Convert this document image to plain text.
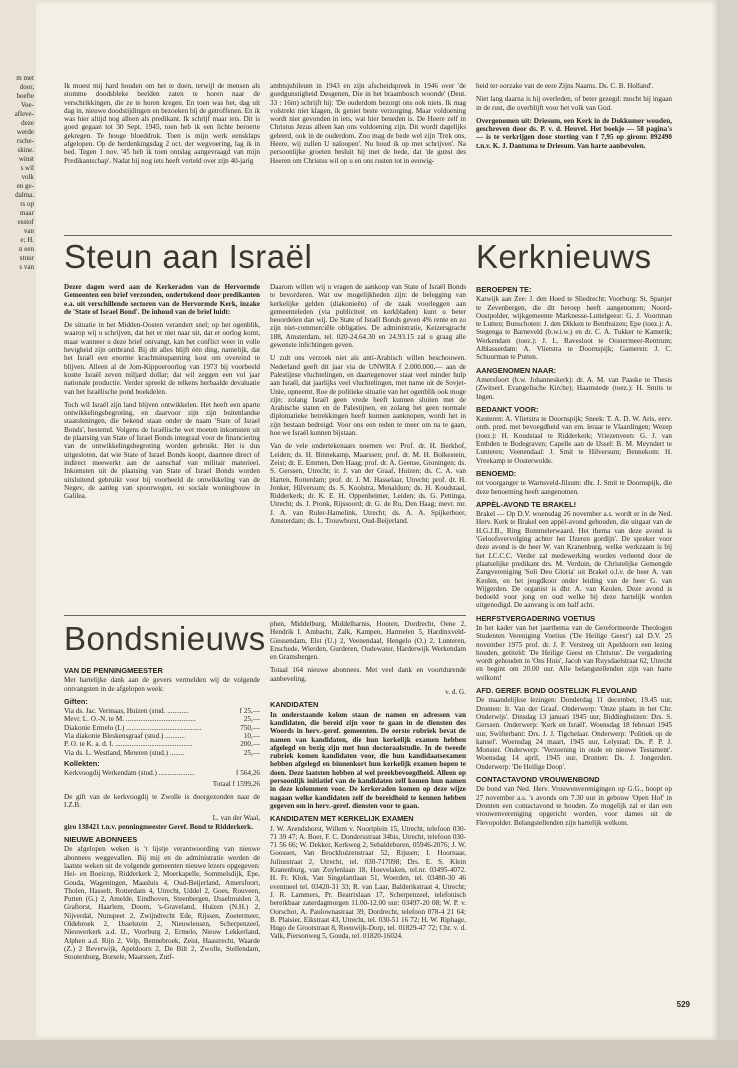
m met
door,
hoefte
Voe-
afleve-
deze
werde
rsche-
skine.
winst
s wil
volk
en ge-
dalma.
rs op
maar
esstof
van
e; H.
n een
xtuur
s van

Ik moest mij hard houden om het te doen, terwijl de mensen als stomme doodsbleke beelden zaten te horen naar de verschrikkingen, die ze te horen kregen. En toen was het, dag uit dag in, nieuwe doodstijdingen en bezoeken bij de getroffenen. En ik was hier altijd nog alleen als predikant. Ik schrijf maar iets. Dit is goed gegaan tot 30 Sept. 1945, toen heb ik een lichte beroerte gekregen. Te hooge bloeddruk. Toen is mijn werk eensklaps afgelopen. Op de herdenkingsdag 2 oct. der wegvoering, lag ik in bed. Tegen 1 nov. '45 heb ik toen ontslag aangevraagd van mijn Predikantschap'. Nadat hij nog iets heeft verteld over zijn 40-jarig

ambtsjubileum in 1943 en zijn afscheidspreek in 1946 over 'de goedgunstigheid Desgenen, Die in het braambosch woonde' (Deut. 33 : 16m) schrijft hij: 'De ouderdom bezorgt ons ook niets. Ik mag volstrekt niet klagen, ik geniet beste verzorging. Maar voldoening wordt niet gevonden in iets, wat hier beneden is. De Heere zelf in Christus Jezus alleen kan ons voldoening zijn. Dit wordt dagelijks geleerd, ook in de ouderdom. Zoo mag de bede wel zijn 'Trek ons, Heere, wij zullen U naloopen'. Nu houd ik op met schrijven'. Na persoonlijke groeten besluit hij met de bede, dat 'de gunst des Heeren om Christus wil op u en ons rusten tot in eeuwig-

heid ter oorzake van de eere Zijns Naams. Ds. C. B. Holland'.

Niet lang daarna is hij overleden, of beter gezegd: mocht hij ingaan in de rust, die overblijft voor het volk van God.

Overgenomen uit: Driesum, een Kerk in de Dokkumer wouden, geschreven door ds. P. v. d. Heuvel. Het boekje — 58 pagina's — is te verkrijgen door storting van f 7,95 op gironr. 892490 t.n.v. K. J. Dantuma te Driesum. Van harte aanbevolen.

Steun aan Israël

Dezer dagen werd aan de Kerkeraden van de Hervormde Gemeenten een brief verzonden, ondertekend door predikanten e.a. uit verschillende sectoren van de Hervormde Kerk, inzake de 'State of Israel Bond'. De inhoud van de brief luidt:

De situatie in het Midden-Oosten verandert snel; op het ogenblik, waarop wij u schrijven, dat het er niet naar uit, dat er oorlog komt, maar wanneer u deze brief ontvangt, kan het conflict weer in volle hevigheid zijn ontbrand. Bij dit alles blijft één ding, namelijk, dat het Israël een enorme krachtsinspanning kost om overeind te blijven. Alleen al de Jom-Kippoeroorlog van 1973 bij voorbeeld kostte Israël zeven miljard dollar; dat wil zeggen een vol jaar nationale productie. Verder spreekt de telkens herhaalde devaluatie van het Israëlische pond boekdelen.

Toch wil Israël zijn land blijven ontwikkelen. Het heeft een aparte ontwikkelingsbegroting, en daarvoor zijn zijn buitenlandse staatsleningen, die bekend staan onder de naam 'State of Israel Bonds', bestemd. Volgens de Israëlische wet moeten inkomsten uit de plaatsing van State of Israel Bonds integraal voor de financiering van de ontwikkelingsbegroting worden gebruikt. Het is dus uitgesloten, dat wie State of Israel Bonds koopt, daarmee direct of indirect meewerkt aan de aanschaf van militair materieel. Inkomsten uit de plaatsing van State of Israel Bonds worden uitsluitend gebruikt voor bij voorbeeld de ontwikkeling van de Negev, de aanleg van spoorwegen, en sociale woningbouw in Galilea.

Daarom willen wij u vragen de aankoop van State of Israël Bonds te bevorderen. Wat uw mogelijkheden zijn: de belegging van kerkelijke gelden (diakonieën) of de zaak voorleggen aan gemeenteleden (via publiciteit en kerkbladen) kunt u beter beoordelen dan wij. De State of Israël Bonds geven 4% rente en zo zijn niet-commerciële obligaties. De administratie, Keizersgracht 188, Amsterdam, tel. 020-24.64.30 en 24.93.15 zal u graag alle gewenste inlichtingen geven.

U zult ons verzoek niet als anti-Arabisch willen beschouwen. Nederland geeft dit jaar via de UNWRA f 2.000.000,— aan de Palestijnse vluchtelingen, en daartegenover staat veel minder hulp aan Israël, dat jaarlijks veel vluchtelingen, met name uit de Sovjet-Unie, opneemt. Roe de politieke situatie van het ogenblik ook moge zijn: zolang Israël geen vrede heeft kunnen sluiten met de Arabische staten en de Palestijnen, en zolang het geen normale diplomatieke betrekkingen heeft kunnen aanknopen, wordt het in zijn bestaan bedreigd. Voor ons een reden te meer om na te gaan, hoe we Israël kunnen bijstaan.

Van de vele ondertekenaars noemen we: Prof. dr. H. Berkhof, Leiden; ds. H. Binnekamp, Maarssen; prof. dr. M. H. Bolkestein, Zeist; dr. E. Emmen, Den Haag; prof. dr. A. Geense, Groningen; ds. S. Gerssen, Utrecht; ir. J. van der Graaf, Huizen; ds. C. A. van Harten, Rotterdam; prof. dr. J. M. Hasselaar, Utrecht; prof. dr. H. Jonker, Hilversum; ds. S. Koolstra, Menaldum; ds. H. Koudstaal, Ridderkerk; dr. K. E. H. Oppenheimer, Leiden; ds. G. Pettinga, Utrecht; ds. J. Pronk, Rijssoord; dr. G. de Ru, Den Haag; mevr. mr. J. A. van Ruler-Hamelink, Utrecht; ds. A. A. Spijkerboer, Amsterdam; ds. L. Trouwborst, Oud-Beijerland.

Bondsnieuws phen, Middelburg, Middelharnis, Houten, Dordrecht, Oene 2, Hendrik I. Ambacht, Zalk, Kampen, Harmelen 5, Hardinxveld-Giessendam, Elst (U.) 2, Veenendaal, Hengelo (O.) 2, Lunteren, Enschede, Wierden, Gurderen, Oudewater, Harderwijk Werkendam en Gramsbergen.

Totaal 164 nieuwe abonnees. Met veel dank en voortdurende aanbeveling.

v. d. G.

KANDIDATEN

In onderstaande kolom staan de namen en adressen van kandidaten, die bereid zijn voor te gaan in de diensten des Woords in herv.-geref. gemeenten. De eerste rubriek bevat de namen van kandidaten, die hun kerkelijk examen hebben afgelegd en bezig zijn met hun doctoraalstudie. In de tweede rubriek komen kandidaten voor, die hun kandidaatsexamen hebben afgelegd en binnenkort hun kerkelijk examen hopen te doen. Deze laatsten hebben al wel preekbevoegdheid. Alleen op persoonlijk initiatief van de kandidaten zelf komen hun namen in deze kolommen voor. De kerkeraden komen op deze wijze nagaan welke kandidaten zelf de bereidheid te kennen hebben gegeven om in herv.-geref. diensten voor te gaan.

KANDIDATEN MET KERKELIJK EXAMEN

J. W. Arendshorst, Willem v. Noortplein 15, Utrecht, telefoon 030-71 39 47; A. Boer, F. C. Dondersstraat 34bis, Utrecht, telefoon 030-71 56 66; W. Dekker, Kerkweg 2, Sebaldeburen, 05946-2076; J. W. Goossen, Van Brockhuizenstraat 52, Rijssen; I. Hoornaar, Juliusstraat 2, Utrecht, tel. 030-717098; Drs. E. S. Klein Kranenburg, van Zuylenlaan 18, Hoevelaken, tel.nr. 03495-4072. H. Fr. Klok, Van Singelantlaan 51, Woerden, tel. 03480-30 46 eventueel tel. 03420-31 33; R. van Laar, Balderikstraat 4, Utrecht; J. R. Lammers, Pr. Beatrixlaan 17, Scherpenzeel, telefonisch bereikbaar zaterdagmorgen 11.00-12.00 uur: 03497-20 08; W. P. v. Oorschot, A. Paulownastraat 39, Dordrecht, telefoon 078-4 21 64; B. Plaisier, Eikstraat 43, Utrecht, tel. 030-51 16 72; H. W. Riphage, Hugo de Grootstraat 8, Reeuwijk-Dorp, tel. 01829-47 72; Chr. v. d. Valk, Piersonweg 5, Gouda, tel. 01820-16024.

VAN DE PENNINGMEESTER

Met hartelijke dank aan de gevers vermelden wij de volgende ontvangsten in de afgelopen week:

Giften:
Via ds. Jac. Vermaas, Huizen (stud. ............	f 25,—
Mevr. L. O.-N. te M. .......................................	25,—
Diakonie Ermelo (L) ..........................................	750,—
Via diakonie Bleskensgraaf (stud.) ...........	10,—
P. O. te K. a. d. I. ...........................................	200,—
Via ds. L. Westland, Meteren (stud.) ........	25,—
Kollekten:
Kerkvoogdij Werkendam (stud.) ....................	f 564,26

Totaal f 1599,26

De gift van de kerkvoogdij te Zwolle is doorgezonden naar de I.Z.B.

L. van der Waal,

giro 138421 t.n.v. penningmeester Geref. Bond te Ridderkerk.

NIEUWE ABONNEES

De afgelopen weken is 't lijstje verantwoording van nieuwe abonnees weggevallen. Bij mij en de administratie werden de laatste weken uit de volgende gemeenten nieuwe lezers opgegeven: Hei- en Boeicop, Ridderkerk 2, Moerkapelle, Sommelsdijk, Epe, Gouda, Wageningen, Maasluis 4, Oud-Beijerland, Amersfoort, Tholen, Hasselt, Rotterdam 4, Utrecht, Uddel 2, Goes, Rouveen, Putten (G.) 2, Amelde, Eindhoven, Steenbergen, IJsselmuiden 3, Graftorst, Haarlem, Doorn, 's-Graveland, Huizen (N.H.) 2, Nijverdal, Nunspeet 2, Zwijndrecht Ede, Rijssen, Zoetermeer, Oldebroek 2, IJsselstein 2, Nieuwleusen, Scherpenzeel, Nieuwerkerk a.d. IJ., Voorburg 2, Ermelo, Nieuw Lekkerland, Alphen a.d. Rijn 2, Velp, Bennebroek, Zeist, Haastrecht, Waarde (Z.) 2 Beverwijk, Apeldoorn 2, De Bilt 2, Zwolle, Stellendam, Stoutenburg, Borsele, Maarssen, Zutf-

Kerknieuws
BEROEPEN TE:

Katwijk aan Zee: J. den Hoed te Sliedrecht; Voorburg: St. Spanjer te Zevenbergen, die dit beroep heeft aangenomen; Noord-Oostpolder, wijkgemeente Marknesse-Luttelgeest: G. J. Voortman te Lutten; Bunschoten: J. den Dikken te Benthuizen; Epe (toez.): A. Stegenga te Barneveld (b.w.i.w.) en dr. C. A. Tukker te Kamerik; Werkendam (toez.): J. L. Ravesloot te Oostermeer-Rentrum; Alblasserdam: A. Vlietstra te Doornspijk; Gameren: J. C. Schuurman te Putten.

AANGENOMEN NAAR:

Amersfoort (b.w. Johanneskerk): dr. A. M. van Paaske te Thesis (Zwitserl. Evangelische Kirche); Haamstede (toez.): H. Smits te Ingen.

BEDANKT VOOR:

Kesteren: A. Vlietstra te Doornspijk; Sneek: T. A. D. W. Aris, eerv. onth. pred. met bevoegdheid van em. leraar te Vlaardingen; Wezep (toez.): H. Koudstaal te Ridderkerk; Vriezenveen: G. J. van Embden te Bodegraven; Capelle aan de IJssel: B. M. Meyndert te Lunteren; Veenendaal: J. Smit te Hilversum; Bennekom: H. Vreekamp te Oosterwolde.

BENOEMD:

tot voorganger te Warnsveld-Jilsum: dhr. J. Smit te Doornspijk, die deze benoeming heeft aangenomen.

APPÈL-AVOND TE BRAKEL!

Brakel — Op D.V. woensdag 26 november a.s. wordt er in de Ned. Herv. Kerk te Brakel een appèl-avond gehouden, die uitgaat van de H.G.J.B., Ring Bommelerwaard. Het thema van deze avond is 'Geloofsvervolging achter het IJzeren gordijn'. De spreker voor deze avond is de heer W. van Kranenburg, welke werkzaam is bij het I.C.C.C. Verder zal medewerking worden verleend door de plaatselijke predikant drs. M. Verduin, de Christelijke Gemengde Zangvereniging 'Soli Deo Gloria' uit Brakel o.l.v. de heer A. van Keulen, en het jeugdkoor onder leiding van de heer G. van Wijgerden. De organist is dhr. A. van Keulen. Deze avond is bedoeld voor jong en oud welke bij deze hartelijk worden uitgenodigd. De aanvang is om half acht.

HERFSTVERGADERING VOETIUS

In het kader van het jaarthema van de Gereformeerde Theologen Studenten Vereniging Voetius ('De Heilige Geest') zal D.V. 25 november 1975 prof. dr. J. P. Versteeg uit Apeldoorn een lezing houden, getiteld: 'De Heilige Geest en Christus'. De vergadering wordt gehouden in 'Ons Huis', Jacob van Ruysdaelstraat 62, Utrecht en begint om 20.00 uur. Alle belangstellenden zijn van harte welkom!

AFD. GEREF. BOND OOSTELIJK FLEVOLAND

De maandelijkse lezingen: Donderdag 11 december, 19.45 uur, Dronten: Ir. Van der Graaf. Onderwerp: 'Onze plaats in het Chr. Onderwijs'. Dinsdag 13 januari 1945 uur, Biddinghuizen: Drs. S. Gerssen. Onderwerp: 'Kerk en Israël'. Woensdag 18 februari 1945 uur, Swifterbant: Drs. J. J. Tigchelaar. Onderwerp: 'Politiek op de kansel'. Woensdag 24 maart, 1945 uur, Lelystad: Ds. P. P. J. Monster. Onderwerp: 'Verzoening in oude en nieuwe Testament'. Woensdag 14 april, 1945 uur, Dronten: Ds. J. Jongerden. Onderwerp: 'De Heilige Doop'.

CONTACTAVOND VROUWENBOND

De bond van Ned. Herv. Vrouwenverenigingen op G.G., hoopt op 27 november a.s. 's avonds om 7.30 uur in gebouw 'Open Hof' in Dronten een contactavond te houden. Zo mogelijk zal er dan een vrouwenvereniging opgericht worden, voor dames uit de Flevopolder. Belangstellenden zijn hartelijk welkom.

529
